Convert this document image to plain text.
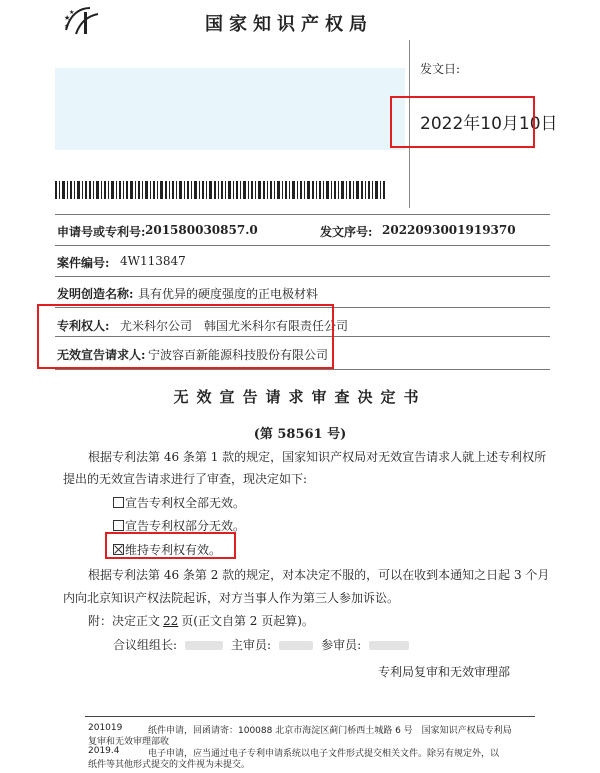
★
★
★	国家知识产权局
发文日:
2022年10月10日
申请号或专利号: 201580030857.0	发文序号: 2022093001919370
案件编号: 4W113847
发明创造名称: 具有优异的硬度强度的正电极材料
专利权人: 尤米科尔公司　韩国尤米科尔有限责任公司
无效宣告请求人: 宁波容百新能源科技股份有限公司
无效宣告请求审查决定书
(第 58561 号)
根据专利法第 46 条第 1 款的规定，国家知识产权局对无效宣告请求人就上述专利权所
提出的无效宣告请求进行了审查，现决定如下:
宣告专利权全部无效。
宣告专利权部分无效。
维持专利权有效。
根据专利法第 46 条第 2 款的规定，对本决定不服的，可以在收到本通知之日起 3 个月
内向北京知识产权法院起诉，对方当事人作为第三人参加诉讼。
附：决定正文 22 页(正文自第 2 页起算)。
合议组组长:	主审员:	参审员:
专利局复审和无效审理部
201019	纸件申请，回函请寄：100088 北京市海淀区蓟门桥西土城路 6 号　国家知识产权局专利局
复审和无效审理部收
2019.4	电子申请，应当通过电子专利申请系统以电子文件形式提交相关文件。除另有规定外，以
纸件等其他形式提交的文件视为未提交。
